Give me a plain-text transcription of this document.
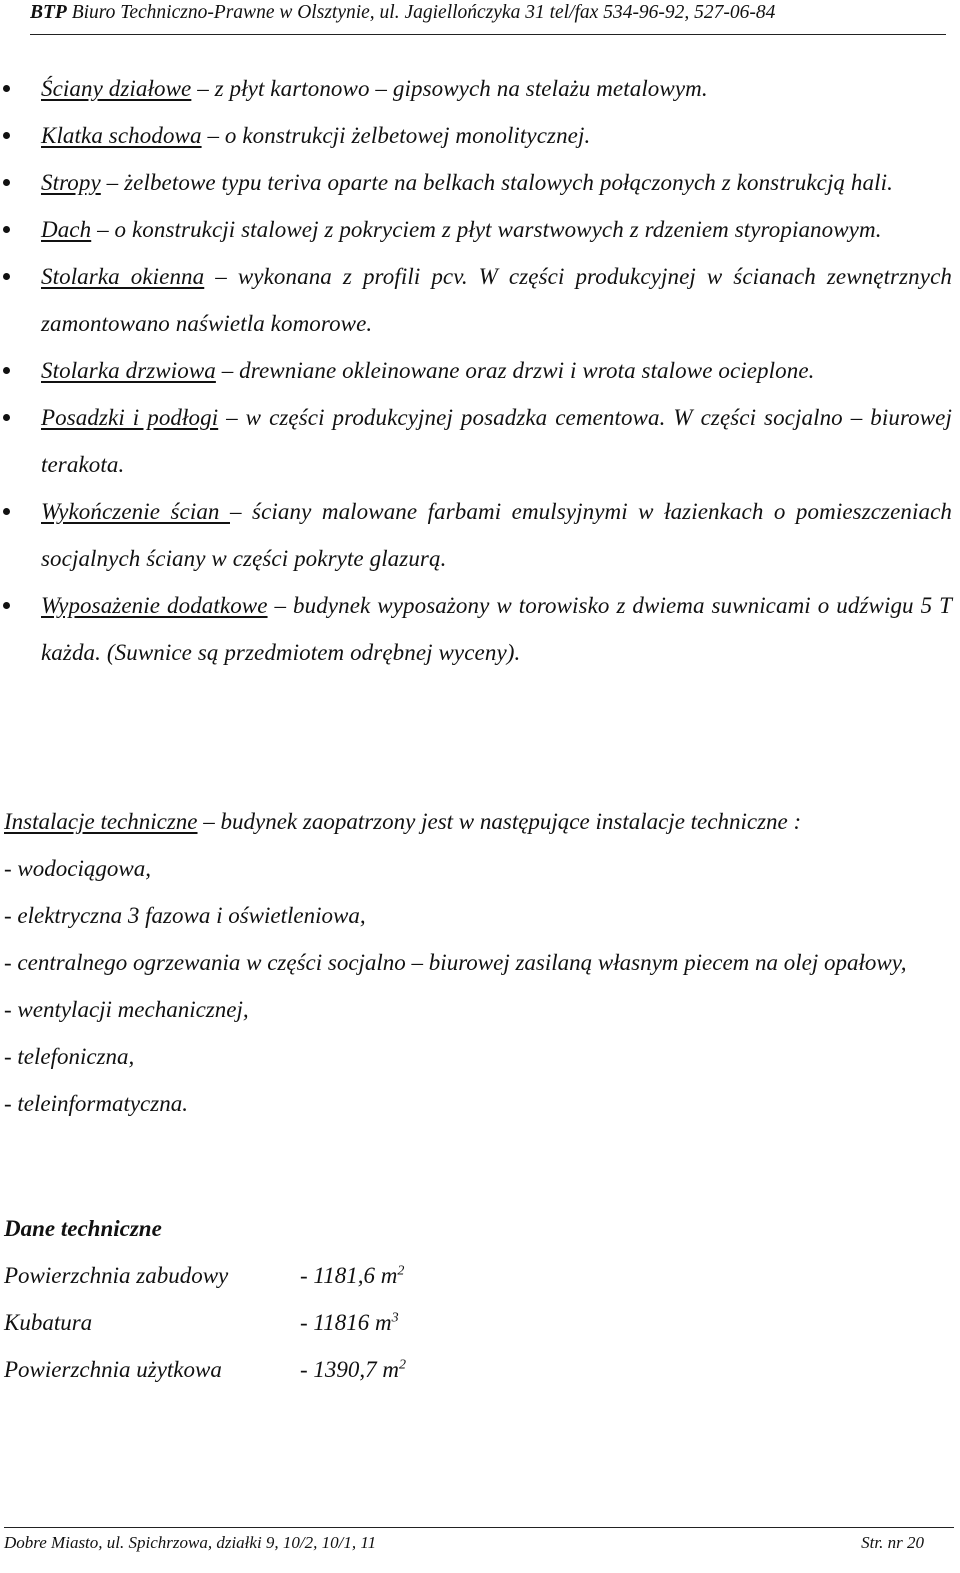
BTP Biuro Techniczno-Prawne w Olsztynie, ul. Jagiellończyka 31 tel/fax 534-96-92, 527-06-84
Ściany działowe – z płyt kartonowo – gipsowych na stelażu metalowym.
Klatka schodowa – o konstrukcji żelbetowej monolitycznej.
Stropy – żelbetowe typu teriva oparte na belkach stalowych połączonych z konstrukcją hali.
Dach – o konstrukcji stalowej z pokryciem z płyt warstwowych z rdzeniem styropianowym.
Stolarka okienna – wykonana z profili pcv. W części produkcyjnej w ścianach zewnętrznych zamontowano naświetla komorowe.
Stolarka drzwiowa – drewniane okleinowane oraz drzwi i wrota stalowe ocieplone.
Posadzki i podłogi – w części produkcyjnej posadzka cementowa. W części socjalno – biurowej terakota.
Wykończenie ścian – ściany malowane farbami emulsyjnymi w łazienkach o pomieszczeniach socjalnych ściany w części pokryte glazurą.
Wyposażenie dodatkowe – budynek wyposażony w torowisko z dwiema suwnicami o udźwigu 5 T każda. (Suwnice są przedmiotem odrębnej wyceny).
Instalacje techniczne – budynek zaopatrzony jest w następujące instalacje techniczne :
- wodociągowa,
- elektryczna 3 fazowa i oświetleniowa,
- centralnego ogrzewania w części socjalno – biurowej zasilaną własnym piecem na olej opałowy,
- wentylacji mechanicznej,
- telefoniczna,
- teleinformatyczna.
Dane techniczne
Powierzchnia zabudowy	- 1181,6 $m^2$
Kubatura	- 11816 $m^3$
Powierzchnia użytkowa	- 1390,7 $m^2$
Dobre Miasto, ul. Spichrzowa, działki 9, 10/2, 10/1, 11	Str. nr 20
